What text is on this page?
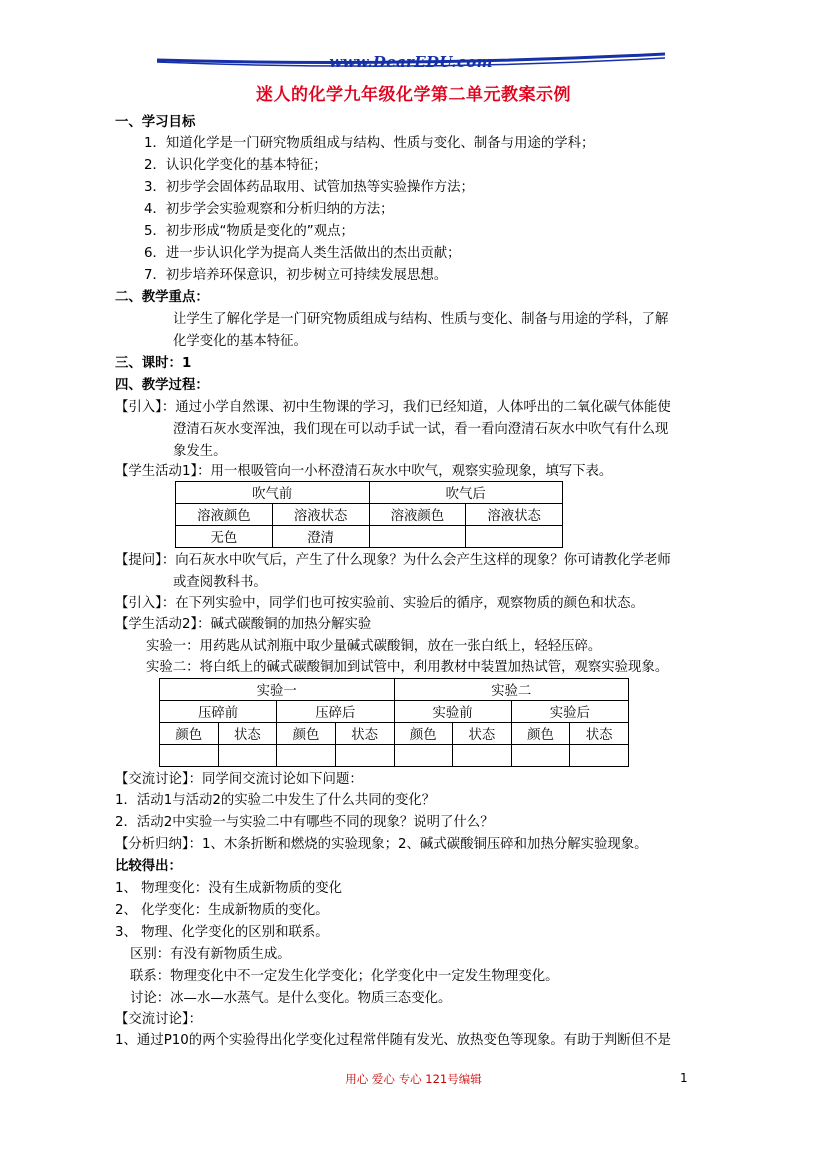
www.DearEDU.com
迷人的化学九年级化学第二单元教案示例
一、学习目标
1．知道化学是一门研究物质组成与结构、性质与变化、制备与用途的学科；
2．认识化学变化的基本特征；
3．初步学会固体药品取用、试管加热等实验操作方法；
4．初步学会实验观察和分析归纳的方法；
5．初步形成“物质是变化的”观点；
6．进一步认识化学为提高人类生活做出的杰出贡献；
7．初步培养环保意识，初步树立可持续发展思想。
二、教学重点：
让学生了解化学是一门研究物质组成与结构、性质与变化、制备与用途的学科，了解
化学变化的基本特征。
三、课时：1
四、教学过程：
【引入】：通过小学自然课、初中生物课的学习，我们已经知道，人体呼出的二氧化碳气体能使
澄清石灰水变浑浊，我们现在可以动手试一试，看一看向澄清石灰水中吹气有什么现
象发生。
【学生活动1】：用一根吸管向一小杯澄清石灰水中吹气，观察实验现象，填写下表。
吹气前		吹气后	
溶液颜色	溶液状态	溶液颜色	溶液状态
无色	澄清		
【提问】：向石灰水中吹气后，产生了什么现象？为什么会产生这样的现象？你可请教化学老师
或查阅教科书。
【引入】：在下列实验中，同学们也可按实验前、实验后的循序，观察物质的颜色和状态。
【学生活动2】：碱式碳酸铜的加热分解实验
实验一：用药匙从试剂瓶中取少量碱式碳酸铜，放在一张白纸上，轻轻压碎。
实验二：将白纸上的碱式碳酸铜加到试管中，利用教材中装置加热试管，观察实验现象。
实验一				实验二			
压碎前		压碎后		实验前		实验后	
颜色	状态	颜色	状态	颜色	状态	颜色	状态

【交流讨论】：同学间交流讨论如下问题：
1．活动1与活动2的实验二中发生了什么共同的变化？
2．活动2中实验一与实验二中有哪些不同的现象？说明了什么？
【分析归纳】：1、木条折断和燃烧的实验现象；2、碱式碳酸铜压碎和加热分解实验现象。
比较得出：
1、 物理变化：没有生成新物质的变化
2、 化学变化：生成新物质的变化。
3、 物理、化学变化的区别和联系。
区别：有没有新物质生成。
联系：物理变化中不一定发生化学变化；化学变化中一定发生物理变化。
讨论：冰—水—水蒸气。是什么变化。物质三态变化。
【交流讨论】：
1、通过P10的两个实验得出化学变化过程常伴随有发光、放热变色等现象。有助于判断但不是
用心 爱心 专心 121号编辑	1
